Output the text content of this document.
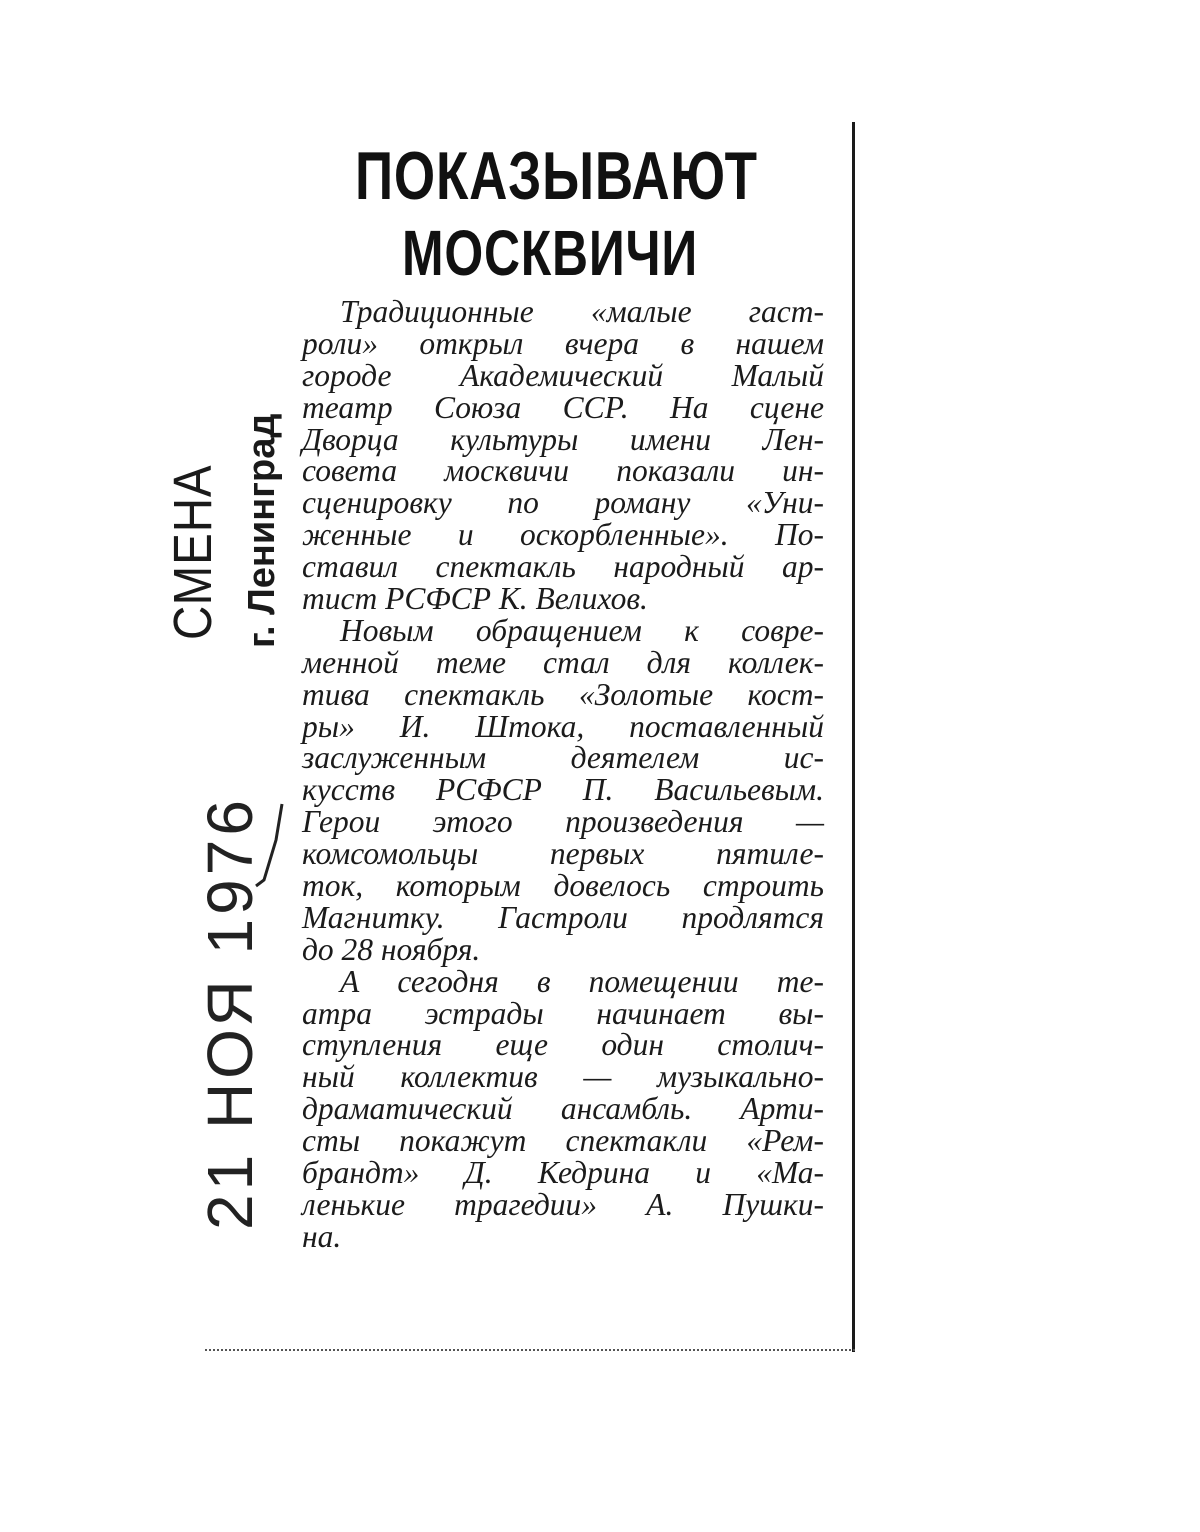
ПОКАЗЫВАЮТ
МОСКВИЧИ
СМЕНА г. Ленинград
21 НОЯ 1976
Традиционные «малые гаст-
роли» открыл вчера в нашем
городе Академический Малый
театр Союза ССР. На сцене
Дворца культуры имени Лен-
совета москвичи показали ин-
сценировку по роману «Уни-
женные и оскорбленные». По-
ставил спектакль народный ар-
тист РСФСР К. Велихов.
Новым обращением к совре-
менной теме стал для коллек-
тива спектакль «Золотые кост-
ры» И. Штока, поставленный
заслуженным деятелем ис-
кусств РСФСР П. Васильевым.
Герои этого произведения —
комсомольцы первых пятиле-
ток, которым довелось строить
Магнитку. Гастроли продлятся
до 28 ноября.
А сегодня в помещении те-
атра эстрады начинает вы-
ступления еще один столич-
ный коллектив — музыкально-
драматический ансамбль. Арти-
сты покажут спектакли «Рем-
брандт» Д. Кедрина и «Ма-
ленькие трагедии» А. Пушки-
на.
